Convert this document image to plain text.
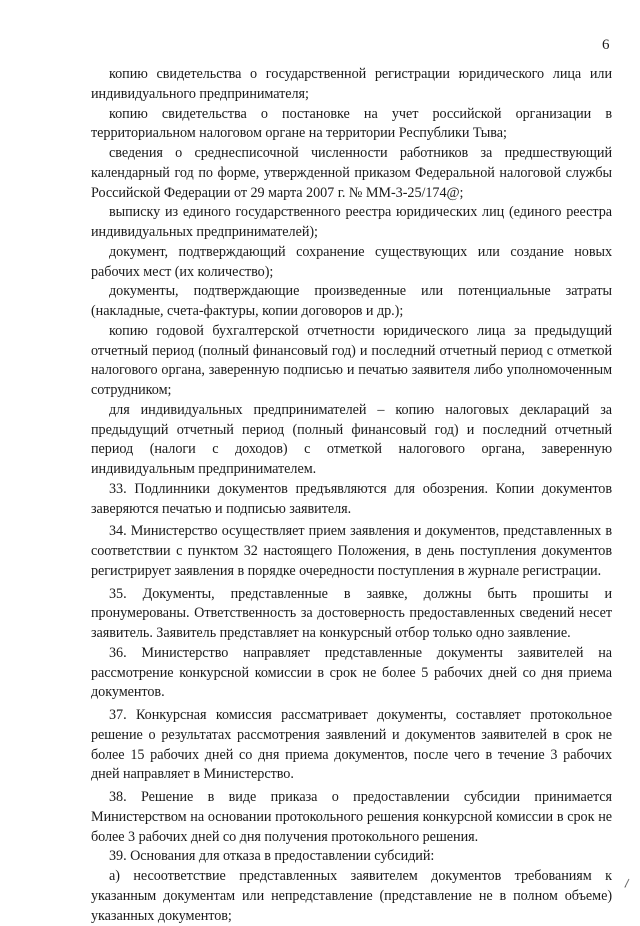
6

копию свидетельства о государственной регистрации юридического лица или индивидуального предпринимателя;

копию свидетельства о постановке на учет российской организации в территориальном налоговом органе на территории Республики Тыва;

сведения о среднесписочной численности работников за предшествующий календарный год по форме, утвержденной приказом Федеральной налоговой службы Российской Федерации от 29 марта 2007 г. № ММ-3-25/174@;

выписку из единого государственного реестра юридических лиц (единого реестра индивидуальных предпринимателей);

документ, подтверждающий сохранение существующих или создание новых рабочих мест (их количество);

документы, подтверждающие произведенные или потенциальные затраты (накладные, счета-фактуры, копии договоров и др.);

копию годовой бухгалтерской отчетности юридического лица за предыдущий отчетный период (полный финансовый год) и последний отчетный период с отметкой налогового органа, заверенную подписью и печатью заявителя либо уполномоченным сотрудником;

для индивидуальных предпринимателей – копию налоговых деклараций за предыдущий отчетный период (полный финансовый год) и последний отчетный период (налоги с доходов) с отметкой налогового органа, заверенную индивидуальным предпринимателем.

33. Подлинники документов предъявляются для обозрения. Копии документов заверяются печатью и подписью заявителя.

34. Министерство осуществляет прием заявления и документов, представленных в соответствии с пунктом 32 настоящего Положения, в день поступления документов регистрирует заявления в порядке очередности поступления в журнале регистрации.

35. Документы, представленные в заявке, должны быть прошиты и пронумерованы. Ответственность за достоверность предоставленных сведений несет заявитель. Заявитель представляет на конкурсный отбор только одно заявление.

36. Министерство направляет представленные документы заявителей на рассмотрение конкурсной комиссии в срок не более 5 рабочих дней со дня приема документов.

37. Конкурсная комиссия рассматривает документы, составляет протокольное решение о результатах рассмотрения заявлений и документов заявителей в срок не более 15 рабочих дней со дня приема документов, после чего в течение 3 рабочих дней направляет в Министерство.

38. Решение в виде приказа о предоставлении субсидии принимается Министерством на основании протокольного решения конкурсной комиссии в срок не более 3 рабочих дней со дня получения протокольного решения.

39. Основания для отказа в предоставлении субсидий:

а) несоответствие представленных заявителем документов требованиям к указанным документам или непредставление (представление не в полном объеме) указанных документов;
